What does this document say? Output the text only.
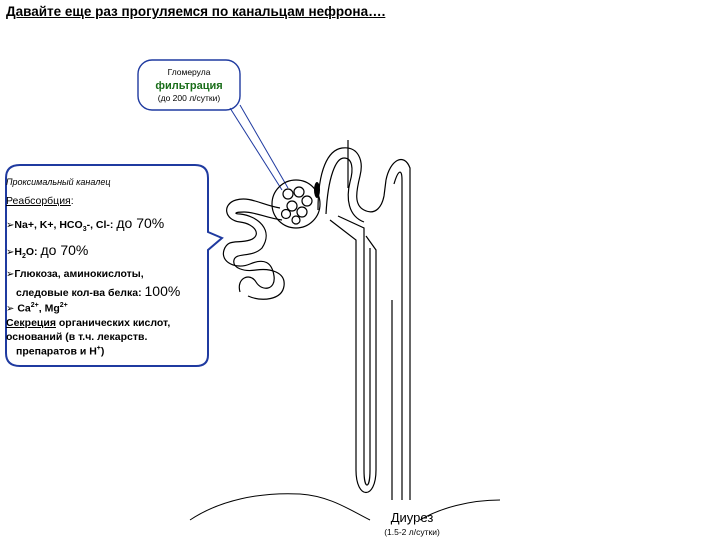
Давайте еще раз прогуляемся по канальцам нефрона….
Гломерула
фильтрация
(до 200 л/сутки)
Проксимальный каналец
Реабсорбция:
➢Na+, K+, $HCO_3-$, Cl-: до 70%
$➢H_2O$: до 70%
➢Глюкоза, аминокислоты,
следовые кол-ва белка: 100%
➢ $Ca^{2+}$, $Mg^{2+}$
Секреция органических кислот,
оснований (в т.ч. лекарств.
препаратов и H+)
Диурез
(1.5-2 л/сутки)
